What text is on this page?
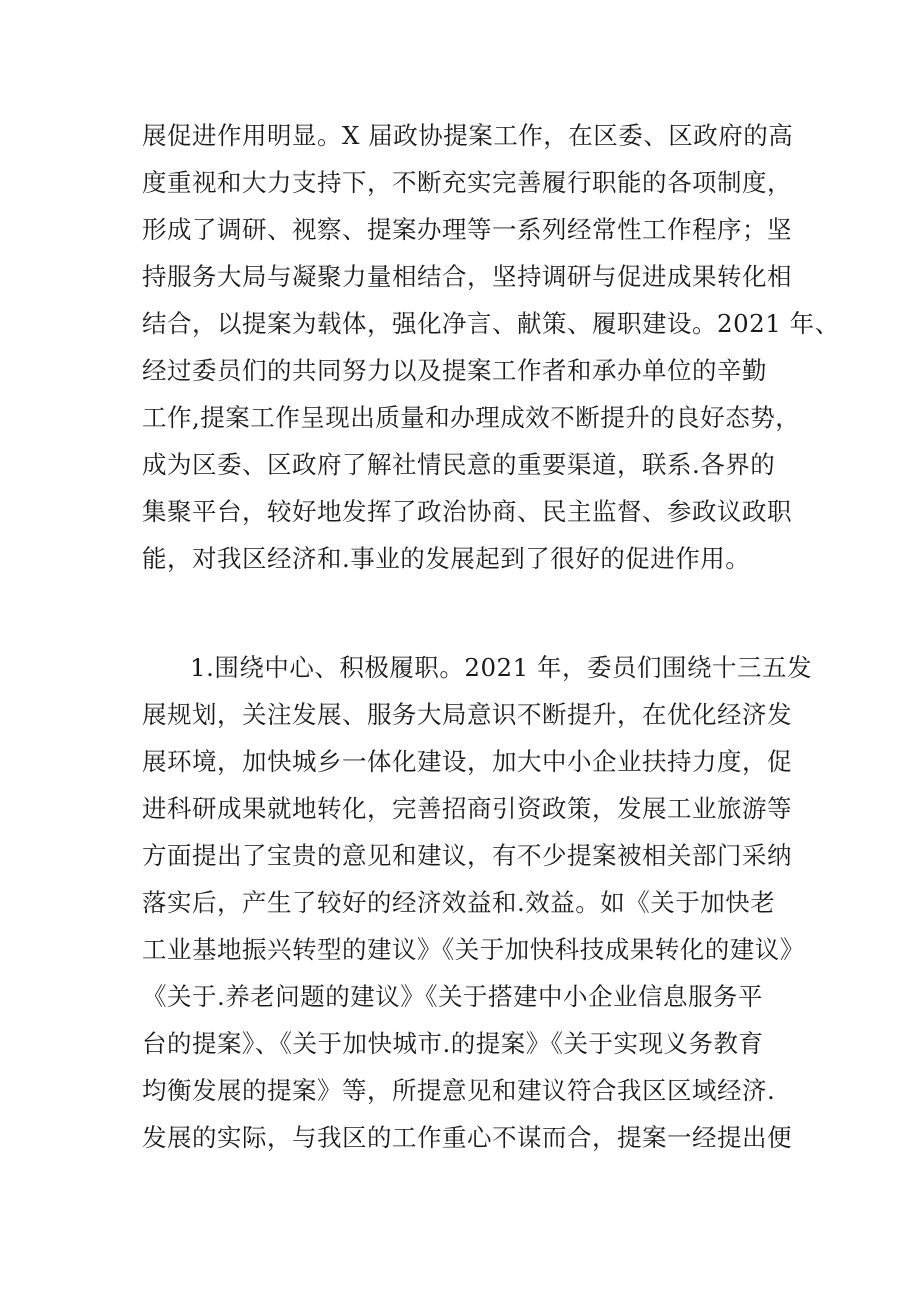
展促进作用明显。X 届政协提案工作，在区委、区政府的高
度重视和大力支持下，不断充实完善履行职能的各项制度，
形成了调研、视察、提案办理等一系列经常性工作程序；坚
持服务大局与凝聚力量相结合，坚持调研与促进成果转化相
结合，以提案为载体，强化净言、献策、履职建设。2021 年、
经过委员们的共同努力以及提案工作者和承办单位的辛勤
工作,提案工作呈现出质量和办理成效不断提升的良好态势，
成为区委、区政府了解社情民意的重要渠道，联系.各界的
集聚平台，较好地发挥了政治协商、民主监督、参政议政职
能，对我区经济和.事业的发展起到了很好的促进作用。
1.围绕中心、积极履职。2021 年，委员们围绕十三五发
展规划，关注发展、服务大局意识不断提升，在优化经济发
展环境，加快城乡一体化建设，加大中小企业扶持力度，促
进科研成果就地转化，完善招商引资政策，发展工业旅游等
方面提出了宝贵的意见和建议，有不少提案被相关部门采纳
落实后，产生了较好的经济效益和.效益。如《关于加快老
工业基地振兴转型的建议》《关于加快科技成果转化的建议》
《关于.养老问题的建议》《关于搭建中小企业信息服务平
台的提案》、《关于加快城市.的提案》《关于实现义务教育
均衡发展的提案》等，所提意见和建议符合我区区域经济.
发展的实际，与我区的工作重心不谋而合，提案一经提出便
